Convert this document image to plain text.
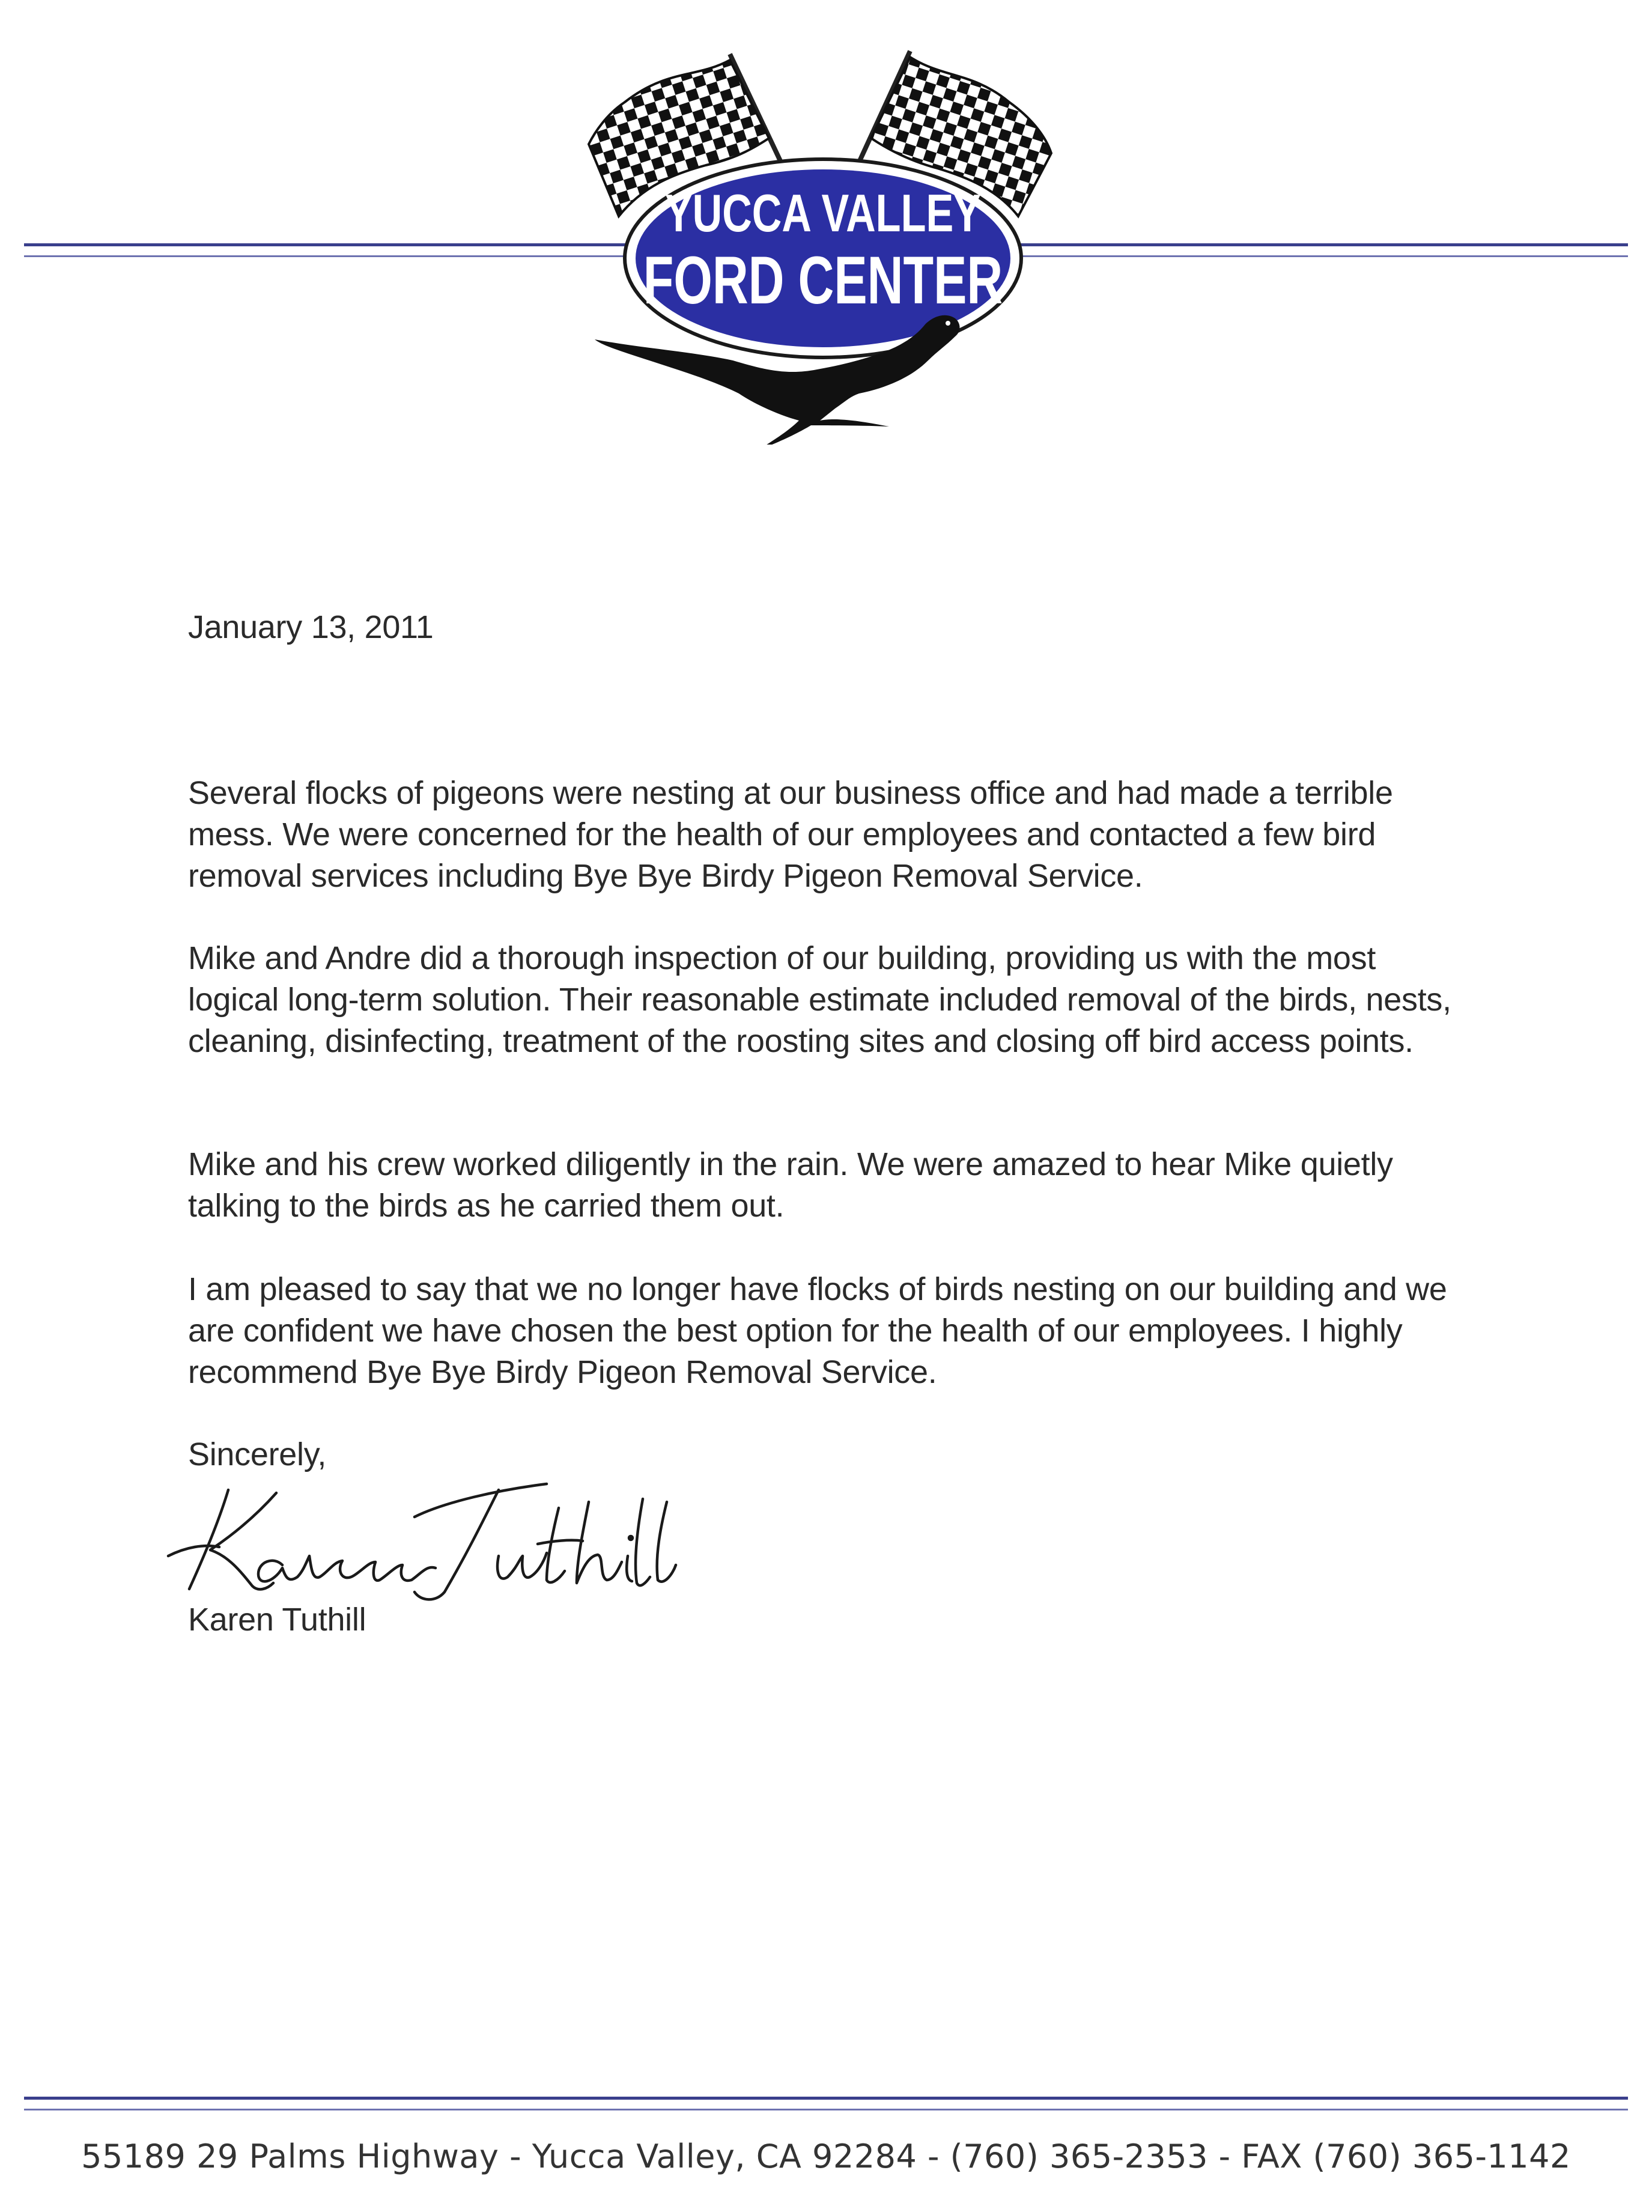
YUCCA VALLEY
FORD CENTER
January 13, 2011
Several flocks of pigeons were nesting at our business office and had made a terrible mess. We were concerned for the health of our employees and contacted a few bird removal services including Bye Bye Birdy Pigeon Removal Service.
Mike and Andre did a thorough inspection of our building, providing us with the most logical long-term solution. Their reasonable estimate included removal of the birds, nests, cleaning, disinfecting, treatment of the roosting sites and closing off bird access points.
Mike and his crew worked diligently in the rain. We were amazed to hear Mike quietly talking to the birds as he carried them out.
I am pleased to say that we no longer have flocks of birds nesting on our building and we are confident we have chosen the best option for the health of our employees. I highly recommend Bye Bye Birdy Pigeon Removal Service.
Sincerely,
Karen Tuthill
55189 29 Palms Highway - Yucca Valley, CA 92284 - (760) 365-2353 - FAX (760) 365-1142
